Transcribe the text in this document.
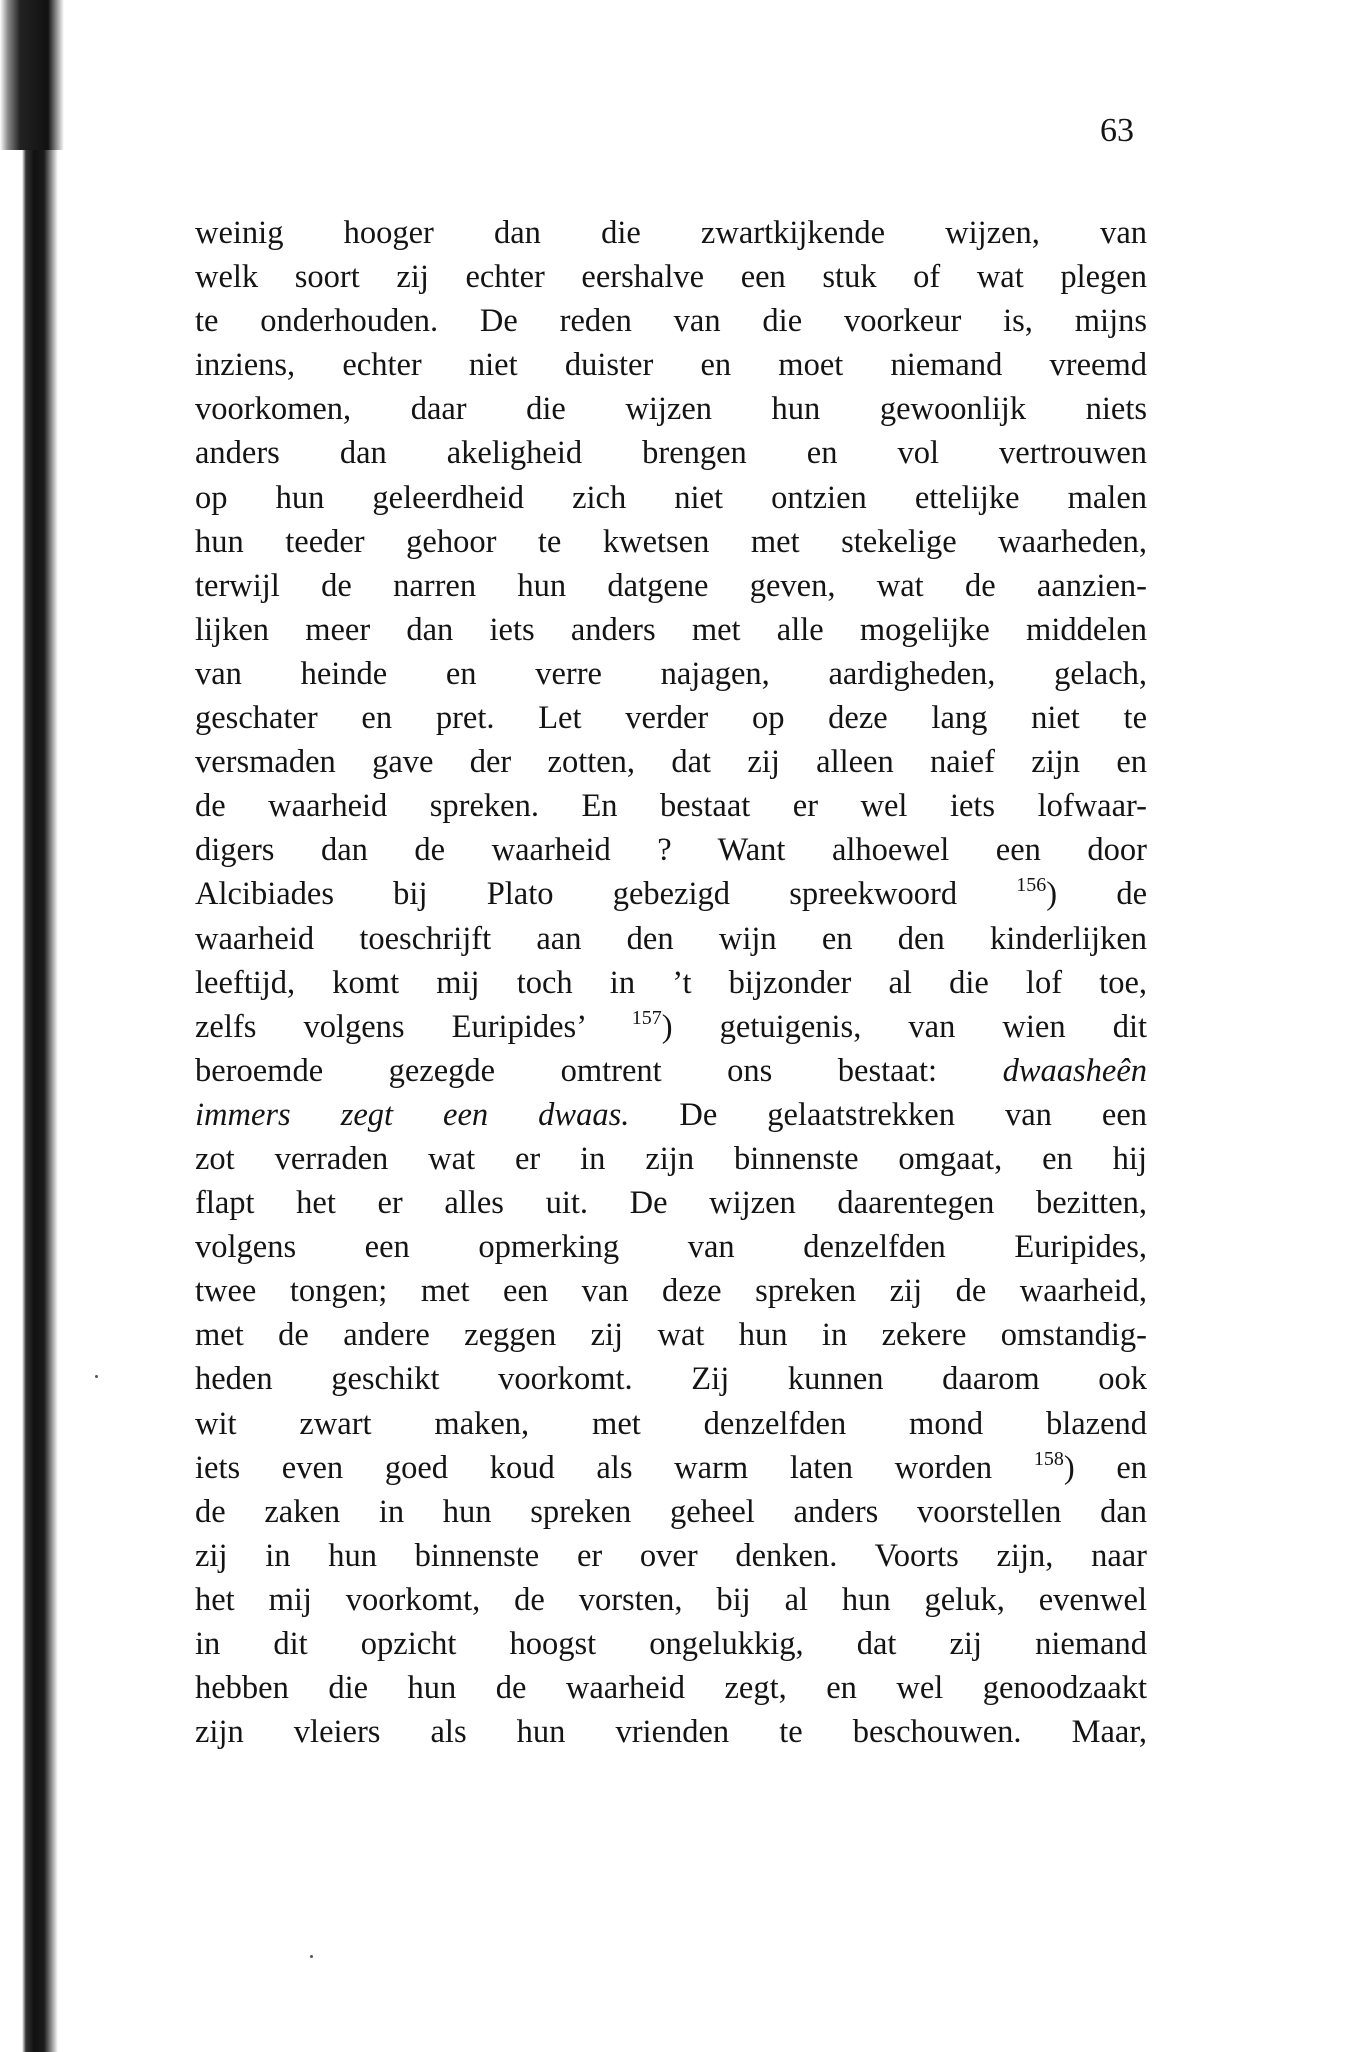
63
weinig hooger dan die zwartkijkende wijzen, van
welk soort zij echter eershalve een stuk of wat plegen
te onderhouden. De reden van die voorkeur is, mijns
inziens, echter niet duister en moet niemand vreemd
voorkomen, daar die wijzen hun gewoonlijk niets
anders dan akeligheid brengen en vol vertrouwen
op hun geleerdheid zich niet ontzien ettelijke malen
hun teeder gehoor te kwetsen met stekelige waarheden,
terwijl de narren hun datgene geven, wat de aanzien-
lijken meer dan iets anders met alle mogelijke middelen
van heinde en verre najagen, aardigheden, gelach,
geschater en pret. Let verder op deze lang niet te
versmaden gave der zotten, dat zij alleen naief zijn en
de waarheid spreken. En bestaat er wel iets lofwaar-
digers dan de waarheid ? Want alhoewel een door
Alcibiades bij Plato gebezigd spreekwoord $^{156}$) de
waarheid toeschrijft aan den wijn en den kinderlijken
leeftijd, komt mij toch in ’t bijzonder al die lof toe,
zelfs volgens Euripides’ $^{157}$) getuigenis, van wien dit
beroemde gezegde omtrent ons bestaat: dwaasheên
immers zegt een dwaas. De gelaatstrekken van een
zot verraden wat er in zijn binnenste omgaat, en hij
flapt het er alles uit. De wijzen daarentegen bezitten,
volgens een opmerking van denzelfden Euripides,
twee tongen; met een van deze spreken zij de waarheid,
met de andere zeggen zij wat hun in zekere omstandig-
heden geschikt voorkomt. Zij kunnen daarom ook
wit zwart maken, met denzelfden mond blazend
iets even goed koud als warm laten worden $^{158}$) en
de zaken in hun spreken geheel anders voorstellen dan
zij in hun binnenste er over denken. Voorts zijn, naar
het mij voorkomt, de vorsten, bij al hun geluk, evenwel
in dit opzicht hoogst ongelukkig, dat zij niemand
hebben die hun de waarheid zegt, en wel genoodzaakt
zijn vleiers als hun vrienden te beschouwen. Maar,
